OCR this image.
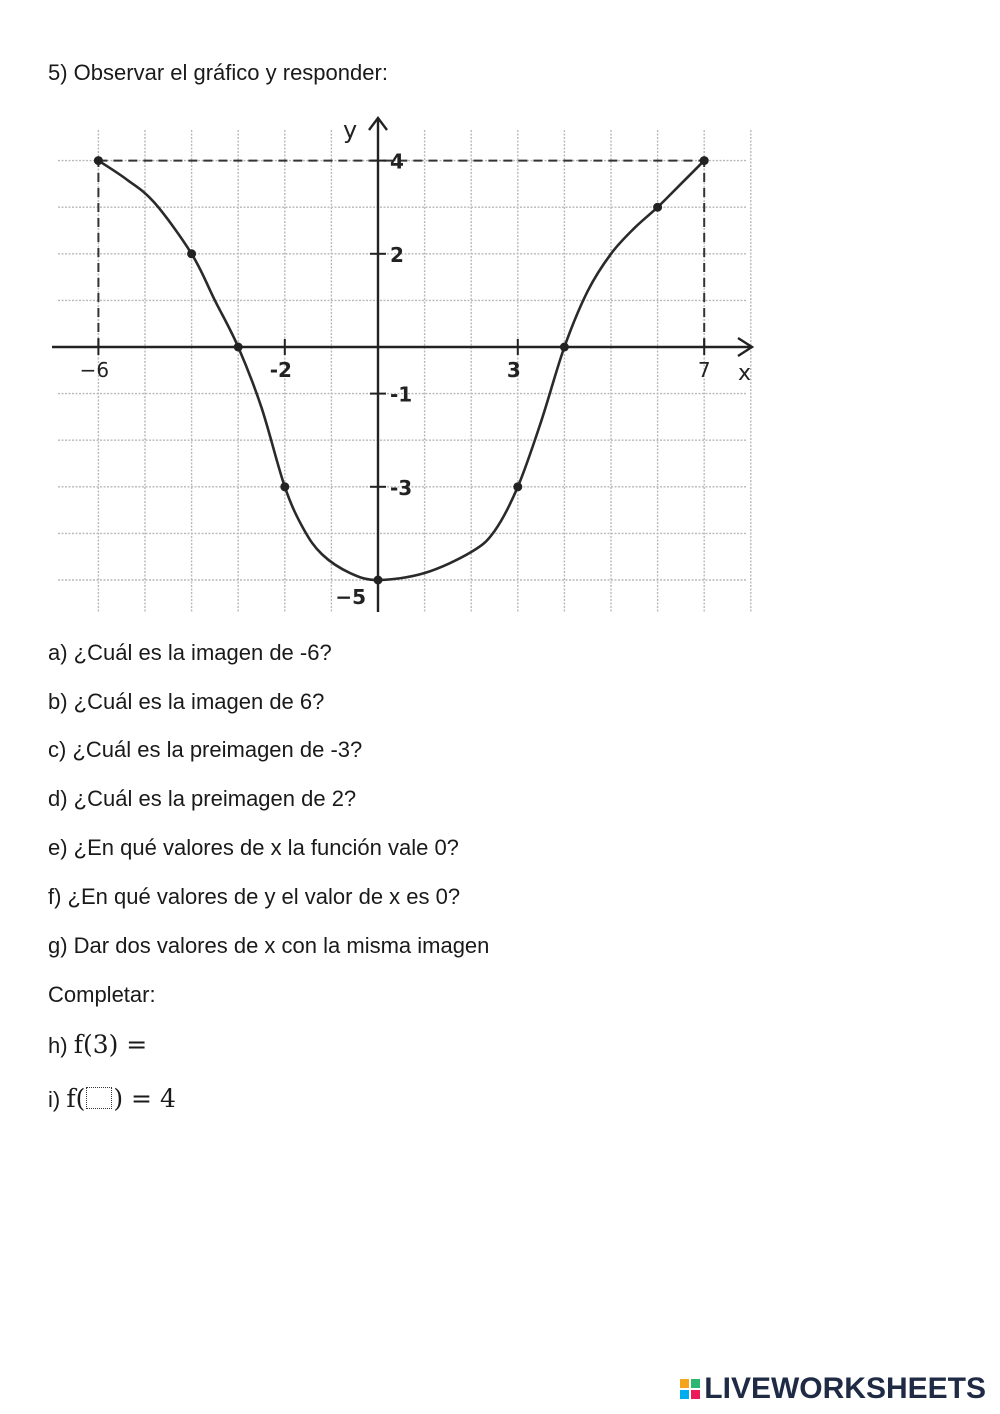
5) Observar el gráfico y responder:
−6	-2	3	7
4
2
-1
-3
−5
x
y
a) ¿Cuál es la imagen de -6?
b) ¿Cuál es la imagen de 6?
c) ¿Cuál es la preimagen de -3?
d) ¿Cuál es la preimagen de 2?
e) ¿En qué valores de x la función vale 0?
f) ¿En qué valores de y el valor de x es 0?
g) Dar dos valores de x con la misma imagen
Completar:
h) f(3) =
i) f( ) = 4
LIVEWORKSHEETS
